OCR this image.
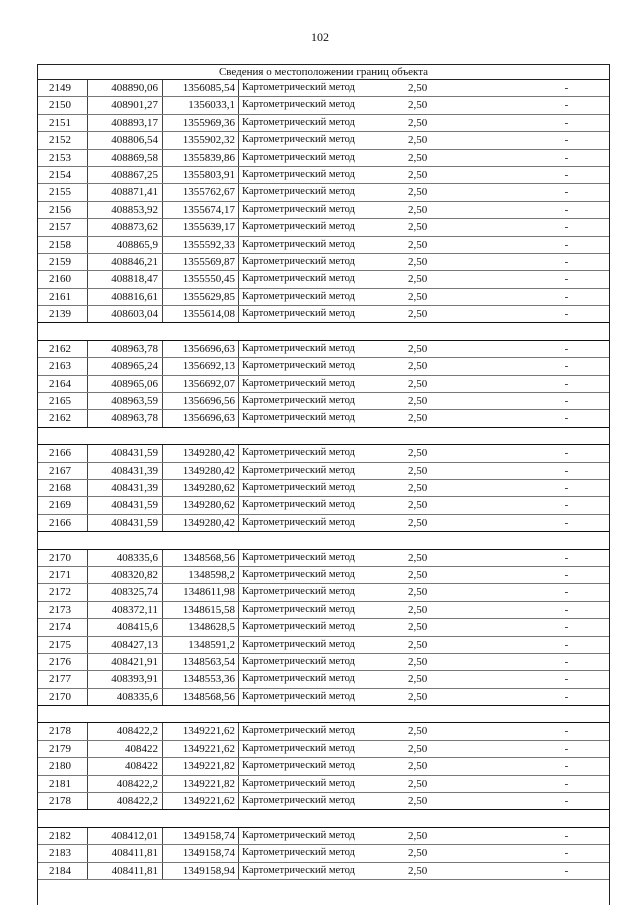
102
Сведения о местоположении границ объекта
2149	408890,06	1356085,54 Картометрический метод	2,50	-
2150	408901,27	1356033,1 Картометрический метод	2,50	-
2151	408893,17	1355969,36 Картометрический метод	2,50	-
2152	408806,54	1355902,32 Картометрический метод	2,50	-
2153	408869,58	1355839,86 Картометрический метод	2,50	-
2154	408867,25	1355803,91 Картометрический метод	2,50	-
2155	408871,41	1355762,67 Картометрический метод	2,50	-
2156	408853,92	1355674,17 Картометрический метод	2,50	-
2157	408873,62	1355639,17 Картометрический метод	2,50	-
2158	408865,9	1355592,33 Картометрический метод	2,50	-
2159	408846,21	1355569,87 Картометрический метод	2,50	-
2160	408818,47	1355550,45 Картометрический метод	2,50	-
2161	408816,61	1355629,85 Картометрический метод	2,50	-
2139	408603,04	1355614,08 Картометрический метод	2,50	-
2162	408963,78	1356696,63 Картометрический метод	2,50	-
2163	408965,24	1356692,13 Картометрический метод	2,50	-
2164	408965,06	1356692,07 Картометрический метод	2,50	-
2165	408963,59	1356696,56 Картометрический метод	2,50	-
2162	408963,78	1356696,63 Картометрический метод	2,50	-
2166	408431,59	1349280,42 Картометрический метод	2,50	-
2167	408431,39	1349280,42 Картометрический метод	2,50	-
2168	408431,39	1349280,62 Картометрический метод	2,50	-
2169	408431,59	1349280,62 Картометрический метод	2,50	-
2166	408431,59	1349280,42 Картометрический метод	2,50	-
2170	408335,6	1348568,56 Картометрический метод	2,50	-
2171	408320,82	1348598,2 Картометрический метод	2,50	-
2172	408325,74	1348611,98 Картометрический метод	2,50	-
2173	408372,11	1348615,58 Картометрический метод	2,50	-
2174	408415,6	1348628,5 Картометрический метод	2,50	-
2175	408427,13	1348591,2 Картометрический метод	2,50	-
2176	408421,91	1348563,54 Картометрический метод	2,50	-
2177	408393,91	1348553,36 Картометрический метод	2,50	-
2170	408335,6	1348568,56 Картометрический метод	2,50	-
2178	408422,2	1349221,62 Картометрический метод	2,50	-
2179	408422	1349221,62 Картометрический метод	2,50	-
2180	408422	1349221,82 Картометрический метод	2,50	-
2181	408422,2	1349221,82 Картометрический метод	2,50	-
2178	408422,2	1349221,62 Картометрический метод	2,50	-
2182	408412,01	1349158,74 Картометрический метод	2,50	-
2183	408411,81	1349158,74 Картометрический метод	2,50	-
2184	408411,81	1349158,94 Картометрический метод	2,50	-
